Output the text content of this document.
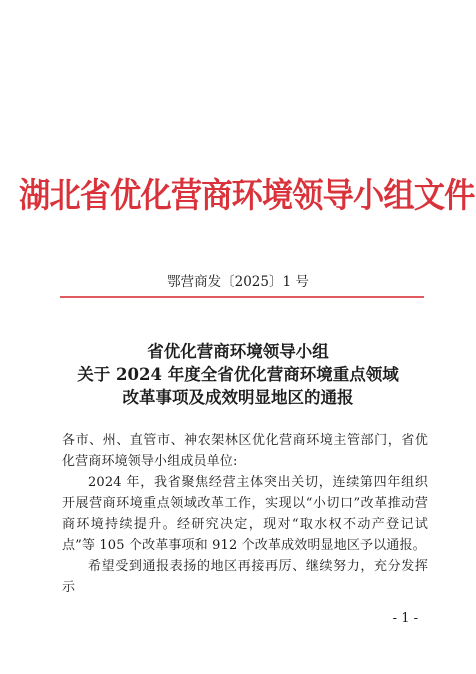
湖北省优化营商环境领导小组文件
鄂营商发〔2025〕1 号
省优化营商环境领导小组
关于 2024 年度全省优化营商环境重点领域
改革事项及成效明显地区的通报

各市、州、直管市、神农架林区优化营商环境主管部门，省优化营商环境领导小组成员单位:

2024 年，我省聚焦经营主体突出关切，连续第四年组织开展营商环境重点领域改革工作，实现以“小切口”改革推动营商环境持续提升。经研究决定，现对“取水权不动产登记试点”等 105 个改革事项和 912 个改革成效明显地区予以通报。

希望受到通报表扬的地区再接再厉、继续努力，充分发挥示

- 1 -
